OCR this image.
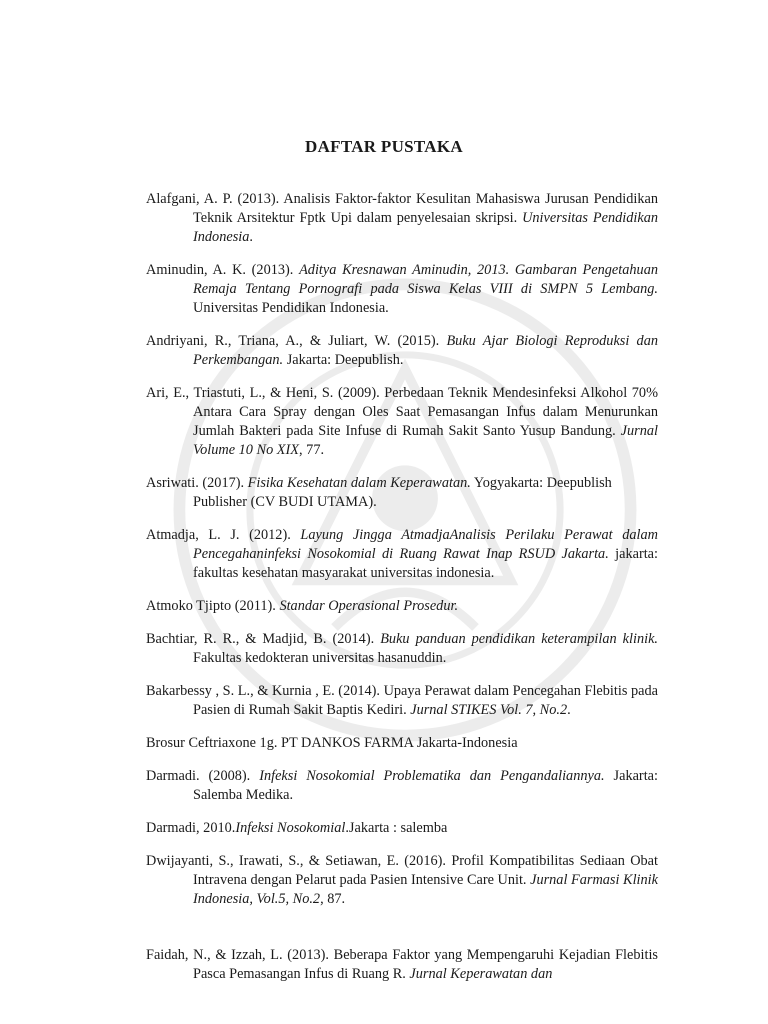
DAFTAR PUSTAKA

Alafgani, A. P. (2013). Analisis Faktor-faktor Kesulitan Mahasiswa Jurusan Pendidikan Teknik Arsitektur Fptk Upi dalam penyelesaian skripsi. Universitas Pendidikan Indonesia.

Aminudin, A. K. (2013). Aditya Kresnawan Aminudin, 2013. Gambaran Pengetahuan Remaja Tentang Pornografi pada Siswa Kelas VIII di SMPN 5 Lembang. Universitas Pendidikan Indonesia.

Andriyani, R., Triana, A., & Juliart, W. (2015). Buku Ajar Biologi Reproduksi dan Perkembangan. Jakarta: Deepublish.

Ari, E., Triastuti, L., & Heni, S. (2009). Perbedaan Teknik Mendesinfeksi Alkohol 70% Antara Cara Spray dengan Oles Saat Pemasangan Infus dalam Menurunkan Jumlah Bakteri pada Site Infuse di Rumah Sakit Santo Yusup Bandung. Jurnal Volume 10 No XIX, 77.

Asriwati. (2017). Fisika Kesehatan dalam Keperawatan. Yogyakarta: Deepublish Publisher (CV BUDI UTAMA).

Atmadja, L. J. (2012). Layung Jingga AtmadjaAnalisis Perilaku Perawat dalam Pencegahaninfeksi Nosokomial di Ruang Rawat Inap RSUD Jakarta. jakarta: fakultas kesehatan masyarakat universitas indonesia.

Atmoko Tjipto (2011). Standar Operasional Prosedur.

Bachtiar, R. R., & Madjid, B. (2014). Buku panduan pendidikan keterampilan klinik. Fakultas kedokteran universitas hasanuddin.

Bakarbessy , S. L., & Kurnia , E. (2014). Upaya Perawat dalam Pencegahan Flebitis pada Pasien di Rumah Sakit Baptis Kediri. Jurnal STIKES Vol. 7, No.2.

Brosur Ceftriaxone 1g. PT DANKOS FARMA Jakarta-Indonesia

Darmadi. (2008). Infeksi Nosokomial Problematika dan Pengandaliannya. Jakarta: Salemba Medika.

Darmadi, 2010.Infeksi Nosokomial.Jakarta : salemba

Dwijayanti, S., Irawati, S., & Setiawan, E. (2016). Profil Kompatibilitas Sediaan Obat Intravena dengan Pelarut pada Pasien Intensive Care Unit. Jurnal Farmasi Klinik Indonesia, Vol.5, No.2, 87.

Faidah, N., & Izzah, L. (2013). Beberapa Faktor yang Mempengaruhi Kejadian Flebitis Pasca Pemasangan Infus di Ruang R. Jurnal Keperawatan dan
